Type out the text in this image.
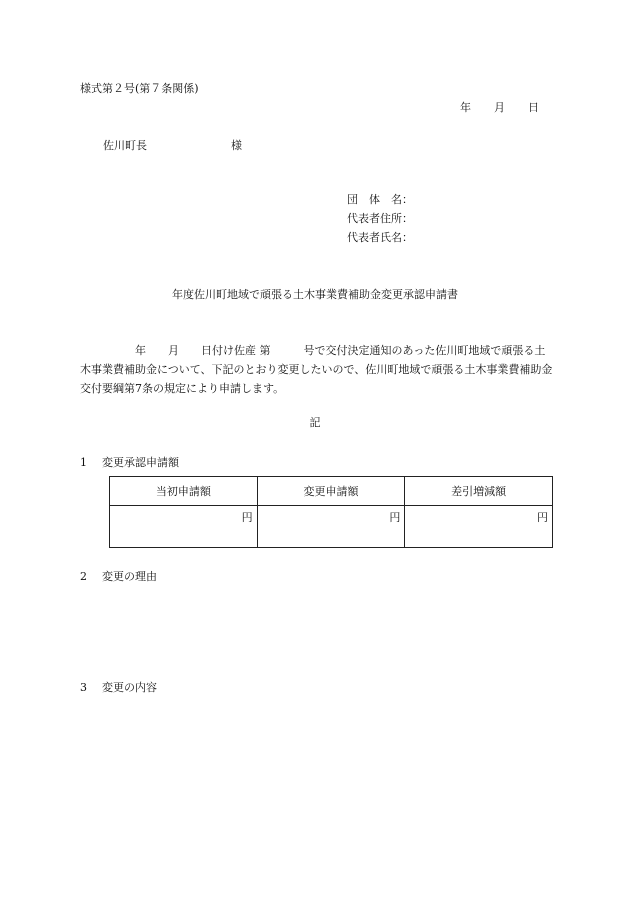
様式第２号(第７条関係)
年 月 日
佐川町長	様
団　体　名：
代表者住所：
代表者氏名：
年度佐川町地域で頑張る土木事業費補助金変更承認申請書
　　　　　年　　月　　日付け佐産 第　　　号で交付決定通知のあった佐川町地域で頑張る土木事業費補助金について、下記のとおり変更したいので、佐川町地域で頑張る土木事業費補助金交付要綱第7条の規定により申請します。
記
1 変更承認申請額
当初申請額	変更申請額	差引増減額
円	円	円
2 変更の理由
3 変更の内容
